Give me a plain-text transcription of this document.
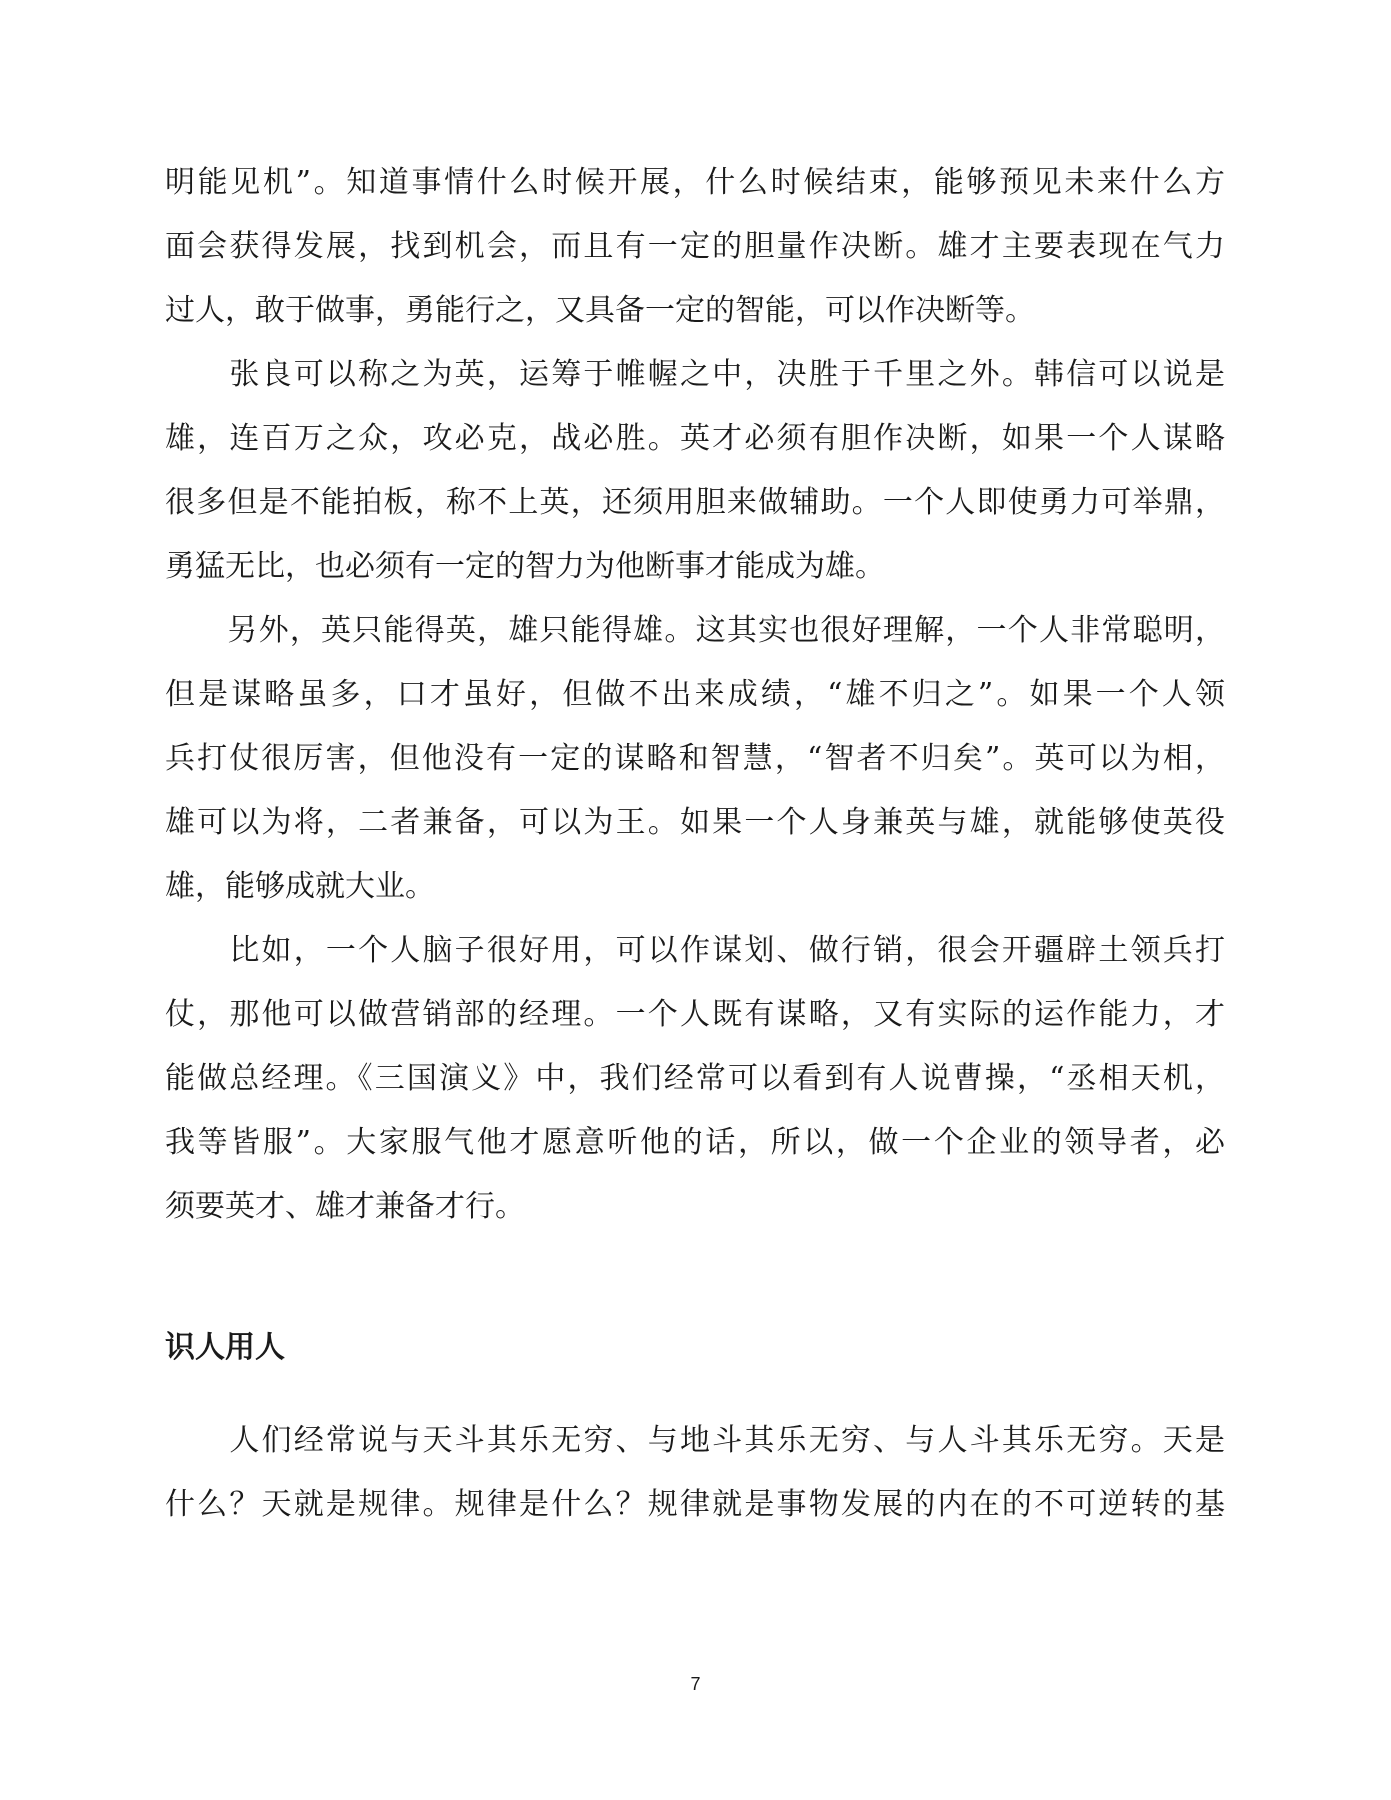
明能见机”。知道事情什么时候开展，什么时候结束，能够预见未来什么方
面会获得发展，找到机会，而且有一定的胆量作决断。雄才主要表现在气力
过人，敢于做事，勇能行之，又具备一定的智能，可以作决断等。
　　张良可以称之为英，运筹于帷幄之中，决胜于千里之外。韩信可以说是
雄，连百万之众，攻必克，战必胜。英才必须有胆作决断，如果一个人谋略
很多但是不能拍板，称不上英，还须用胆来做辅助。一个人即使勇力可举鼎，
勇猛无比，也必须有一定的智力为他断事才能成为雄。
　　另外，英只能得英，雄只能得雄。这其实也很好理解，一个人非常聪明，
但是谋略虽多，口才虽好，但做不出来成绩，“雄不归之”。如果一个人领
兵打仗很厉害，但他没有一定的谋略和智慧，“智者不归矣”。英可以为相，
雄可以为将，二者兼备，可以为王。如果一个人身兼英与雄，就能够使英役
雄，能够成就大业。
　　比如，一个人脑子很好用，可以作谋划、做行销，很会开疆辟土领兵打
仗，那他可以做营销部的经理。一个人既有谋略，又有实际的运作能力，才
能做总经理。《三国演义》中，我们经常可以看到有人说曹操，“丞相天机，
我等皆服”。大家服气他才愿意听他的话，所以，做一个企业的领导者，必
须要英才、雄才兼备才行。
识人用人
　　人们经常说与天斗其乐无穷、与地斗其乐无穷、与人斗其乐无穷。天是
什么？天就是规律。规律是什么？规律就是事物发展的内在的不可逆转的基
7
